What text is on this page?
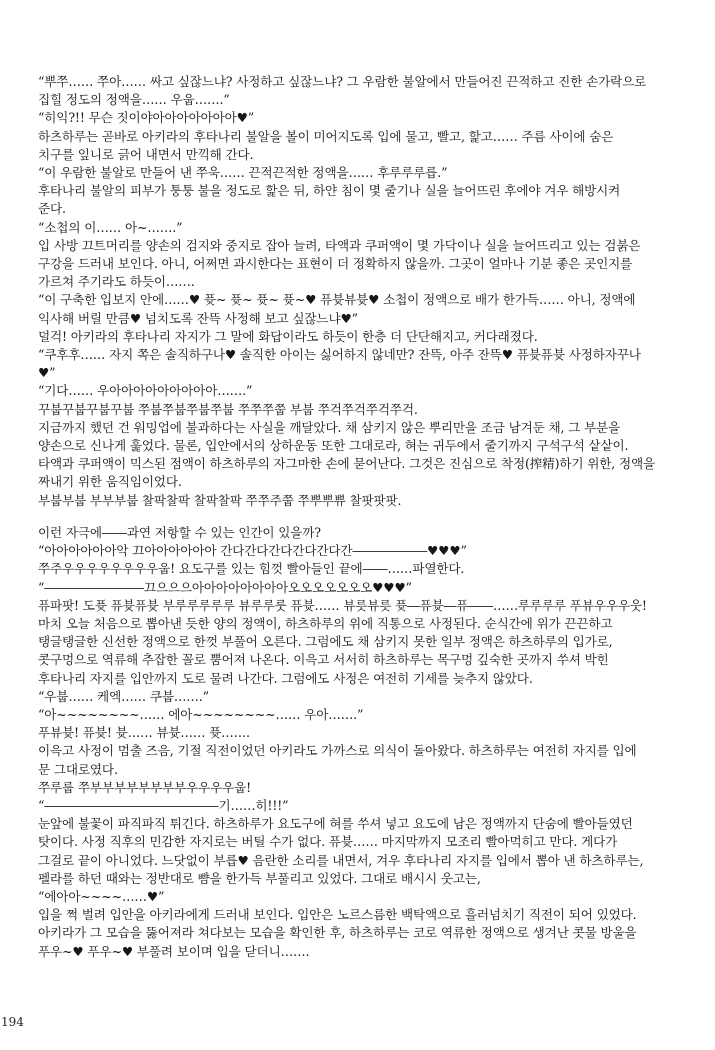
“뿌쭈…… 쭈아…… 싸고 싶잖느냐? 사정하고 싶잖느냐? 그 우람한 불알에서 만들어진 끈적하고 진한 손가락으로
집힐 정도의 정액을…… 우웁…….”
“히익?!! 무슨 짓이야아아아아아아아♥”
하츠하루는 곧바로 아키라의 후타나리 불알을 볼이 미어지도록 입에 물고, 빨고, 핥고…… 주름 사이에 숨은
치구를 잎니로 긁어 내면서 만끽해 간다.
“이 우람한 불알로 만들어 낸 쭈욱…… 끈적끈적한 정액을…… 후루루루릅.”
후타나리 불알의 피부가 퉁퉁 불을 정도로 핥은 뒤, 하얀 침이 몇 줄기나 실을 늘어뜨린 후에야 겨우 해방시켜
준다.
“소첩의 이…… 아~…….”
입 사방 끄트머리를 양손의 검지와 중지로 잡아 늘려, 타액과 쿠퍼액이 몇 가닥이나 실을 늘어뜨리고 있는 검붉은
구강을 드러내 보인다. 아니, 어쩌면 과시한다는 표현이 더 정확하지 않을까. 그곳이 얼마나 기분 좋은 곳인지를
가르쳐 주기라도 하듯이…….
“이 구축한 입보지 안에……♥ 퓻~ 퓻~ 퓻~ 퓻~♥ 퓨븃뷰븃♥ 소첩이 정액으로 배가 한가득…… 아니, 정액에
익사해 버릴 만큼♥ 넘치도록 잔뜩 사정해 보고 싶잖느냐♥”
덜걱! 아키라의 후타나리 자지가 그 말에 화답이라도 하듯이 한층 더 단단해지고, 커다래졌다.
“쿠후후…… 자지 쪽은 솔직하구나♥ 솔직한 아이는 싫어하지 않네만? 잔뜩, 아주 잔뜩♥ 퓨븃퓨븃 사정하자꾸나
♥”
“기다…… 우아아아아아아아아아…….”
꾸붑꾸붑꾸붑꾸붑 쭈붑쭈붑쭈붑쭈붑 쭈쭈쭈쭙 부붑 쭈걱쭈걱쭈걱쭈걱.
지금까지 했던 건 워밍업에 불과하다는 사실을 깨달았다. 채 삼키지 않은 뿌리만을 조금 남겨둔 채, 그 부분을
양손으로 신나게 훑었다. 물론, 입안에서의 상하운동 또한 그대로라, 혀는 귀두에서 줄기까지 구석구석 샅샅이.
타액과 쿠퍼액이 믹스된 점액이 하츠하루의 자그마한 손에 묻어난다. 그것은 진심으로 착정(搾精)하기 위한, 정액을
짜내기 위한 움직임이었다.
부붑부붑 부부부붑 찰팍찰팍 찰팍찰팍 쭈쭈주쭙 쭈뿌뿌쀼 찰팟팟팟.
이런 자극에――과연 저항할 수 있는 인간이 있을까?
“아아아아아아악 끄아아아아아아 간다간다간다간다간다간――――――♥♥♥”
쭈주우우우우우우우우웁! 요도구를 있는 힘껏 빨아들인 끝에――……파열한다.
“――――――――끄으으으아아아아아아아아오오오오오오오♥♥♥”
퓨파팟! 도퓻 퓨븃퓨븃 부루루루루루 뷰루루룻 퓨븃…… 뷰릇뷰릇 퓻―퓨븃―퓨――……루루루루 푸뷰우우우웃!
마치 오늘 처음으로 뽑아낸 듯한 양의 정액이, 하츠하루의 위에 직통으로 사정된다. 순식간에 위가 끈끈하고
탱글탱글한 신선한 정액으로 한껏 부풀어 오른다. 그럼에도 채 삼키지 못한 일부 정액은 하츠하루의 입가로,
콧구멍으로 역류해 추잡한 꼴로 뿜어져 나온다. 이윽고 서서히 하츠하루는 목구멍 깊숙한 곳까지 쑤셔 박힌
후타나리 자지를 입안까지 도로 물려 나간다. 그럼에도 사정은 여전히 기세를 늦추지 않았다.
“우붑…… 케엑…… 쿠붑…….”
“아~~~~~~~~…… 에아~~~~~~~~…… 우아…….”
푸뷰븃! 퓨븃! 븃…… 뷰븃…… 퓻…….
이윽고 사정이 멈출 즈음, 기절 직전이었던 아키라도 가까스로 의식이 돌아왔다. 하츠하루는 여전히 자지를 입에
문 그대로였다.
쭈루룹 쭈부부부부부부부부우우우우웁!
“――――――――――――――기……히!!!”
눈앞에 불꽃이 파직파직 튀긴다. 하츠하루가 요도구에 혀를 쑤셔 넣고 요도에 남은 정액까지 단숨에 빨아들였던
탓이다. 사정 직후의 민감한 자지로는 버틸 수가 없다. 퓨븃…… 마지막까지 모조리 빨아먹히고 만다. 게다가
그걸로 끝이 아니었다. 느닷없이 부릅♥ 음란한 소리를 내면서, 겨우 후타나리 자지를 입에서 뽑아 낸 하츠하루는,
펠라를 하던 때와는 정반대로 뺨을 한가득 부풀리고 있었다. 그대로 배시시 웃고는,
“에아아~~~~……♥”
입을 쩍 벌려 입안을 아키라에게 드러내 보인다. 입안은 노르스름한 백탁액으로 흘러넘치기 직전이 되어 있었다.
아키라가 그 모습을 뚫어져라 쳐다보는 모습을 확인한 후, 하츠하루는 코로 역류한 정액으로 생겨난 콧물 방울을
푸우~♥ 푸우~♥ 부풀려 보이며 입을 닫더니…….
194
